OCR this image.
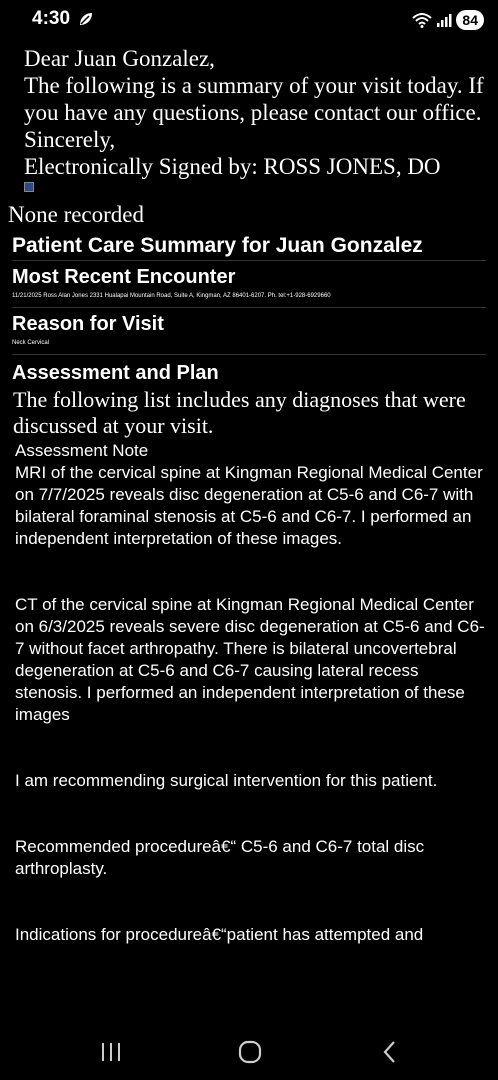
4:30	84
Dear Juan Gonzalez,
The following is a summary of your visit today. If you have any questions, please contact our office.
Sincerely,
Electronically Signed by: ROSS JONES, DO
None recorded
Patient Care Summary for Juan Gonzalez
Most Recent Encounter
11/21/2025 Ross Alan Jones 2331 Hualapai Mountain Road, Suite A, Kingman, AZ 86401-6207. Ph. tel:+1-928-6929660
Reason for Visit
Neck Cervical
Assessment and Plan
The following list includes any diagnoses that were discussed at your visit.
Assessment Note
MRI of the cervical spine at Kingman Regional Medical Center on 7/7/2025 reveals disc degeneration at C5-6 and C6-7 with bilateral foraminal stenosis at C5-6 and C6-7. I performed an independent interpretation of these images.
CT of the cervical spine at Kingman Regional Medical Center on 6/3/2025 reveals severe disc degeneration at C5-6 and C6-7 without facet arthropathy. There is bilateral uncovertebral degeneration at C5-6 and C6-7 causing lateral recess stenosis. I performed an independent interpretation of these images
I am recommending surgical intervention for this patient.
Recommended procedureâ€“ C5-6 and C6-7 total disc arthroplasty.
Indications for procedureâ€“patient has attempted and
